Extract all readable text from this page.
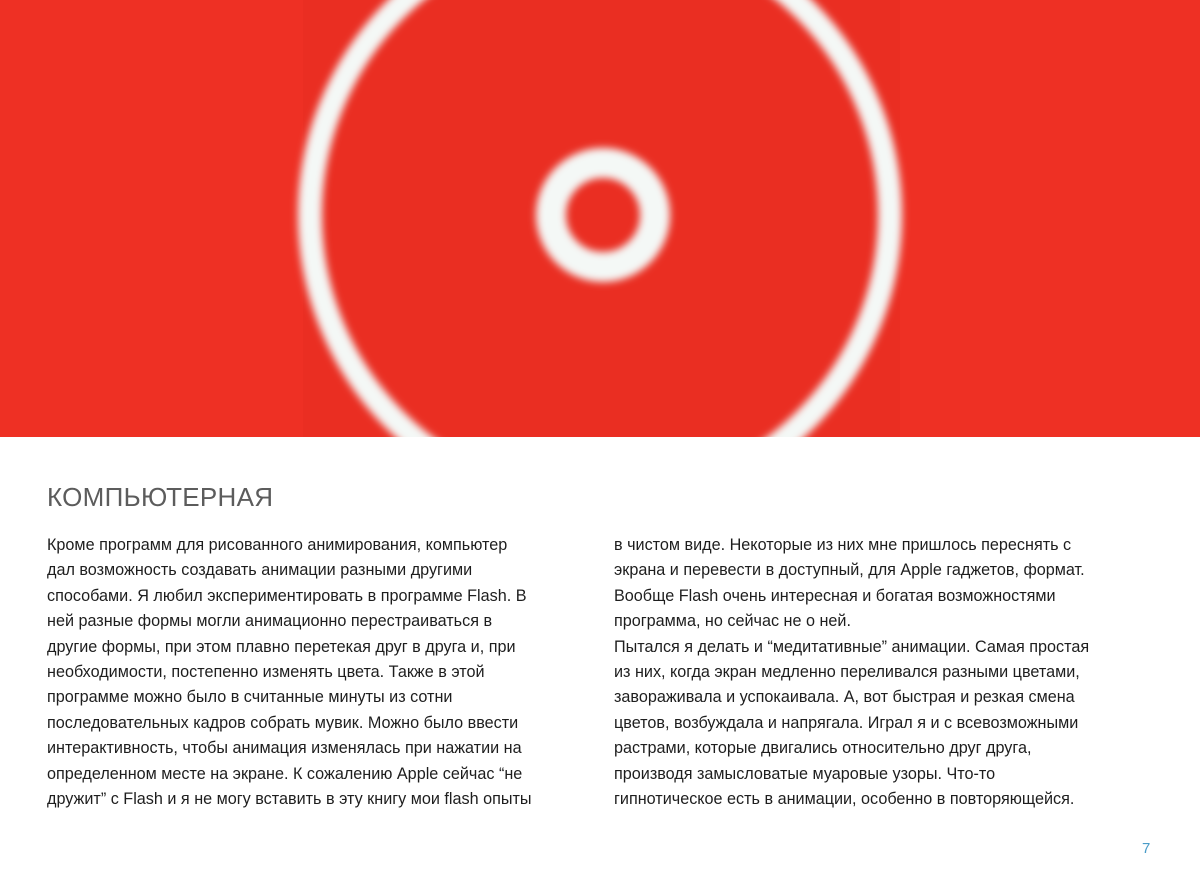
КОМПЬЮТЕРНАЯ

Кроме программ для рисованного анимирования, компьютер
дал возможность создавать анимации разными другими
способами. Я любил экспериментировать в программе Flash. В
ней разные формы могли анимационно перестраиваться в
другие формы, при этом плавно перетекая друг в друга и, при
необходимости, постепенно изменять цвета. Также в этой
программе можно было в считанные минуты из сотни
последовательных кадров собрать мувик. Можно было ввести
интерактивность, чтобы анимация изменялась при нажатии на
определенном месте на экране. К сожалению Apple сейчас “не
дружит” с Flash и я не могу вставить в эту книгу мои flash опыты

в чистом виде. Некоторые из них мне пришлось переснять с
экрана и перевести в доступный, для Apple гаджетов, формат.
Вообще Flash очень интересная и богатая возможностями
программа, но сейчас не о ней.
Пытался я делать и “медитативные” анимации. Самая простая
из них, когда экран медленно переливался разными цветами,
завораживала и успокаивала. А, вот быстрая и резкая смена
цветов, возбуждала и напрягала. Играл я и с всевозможными
растрами, которые двигались относительно друг друга,
производя замысловатые муаровые узоры. Что-то
гипнотическое есть в анимации, особенно в повторяющейся.

7
